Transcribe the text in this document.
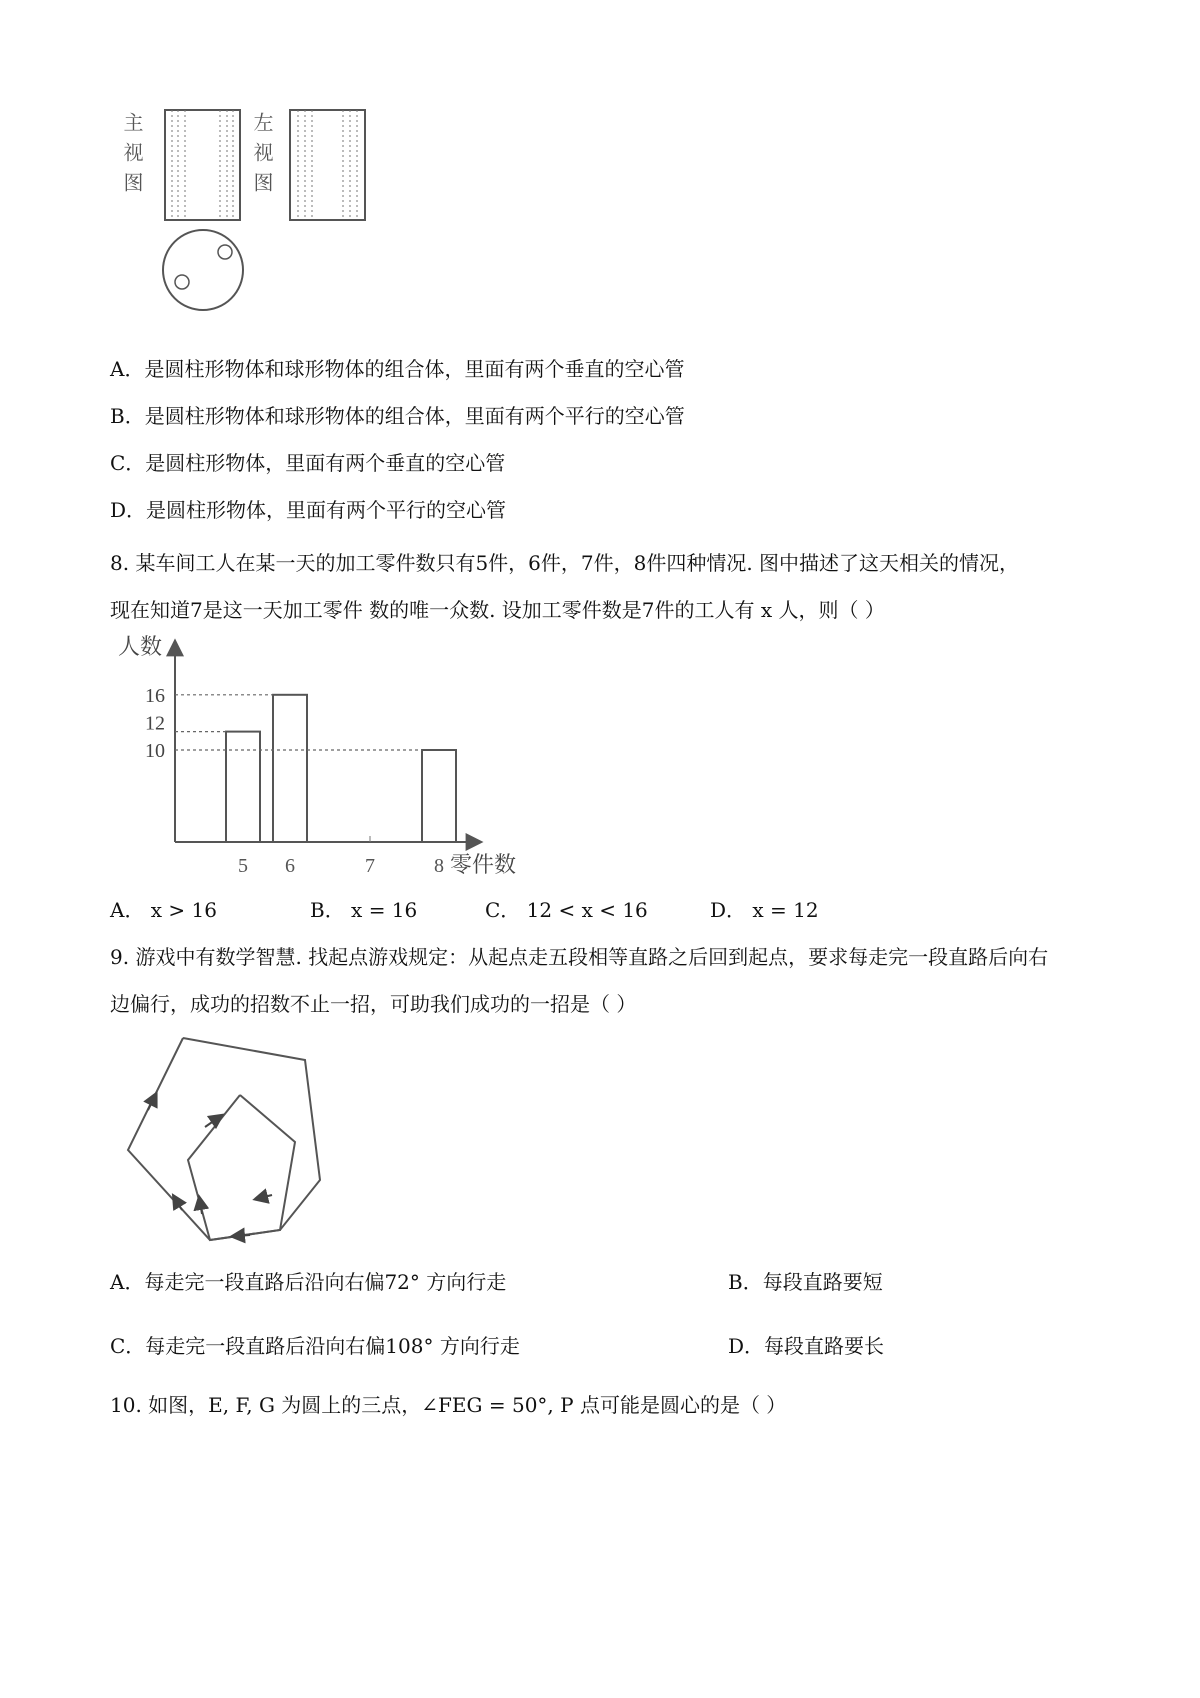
主视图	左视图
A．是圆柱形物体和球形物体的组合体，里面有两个垂直的空心管
B．是圆柱形物体和球形物体的组合体，里面有两个平行的空心管
C．是圆柱形物体，里面有两个垂直的空心管
D．是圆柱形物体，里面有两个平行的空心管
8. 某车间工人在某一天的加工零件数只有5件，6件，7件，8件四种情况. 图中描述了这天相关的情况，
现在知道7是这一天加工零件 数的唯一众数. 设加工零件数是7件的工人有 x 人，则（ ）
人数
5 6	7	8 零件数
16
12
10
A． x > 16	B． x = 16	C． 12 < x < 16	D． x = 12
9. 游戏中有数学智慧. 找起点游戏规定：从起点走五段相等直路之后回到起点，要求每走完一段直路后向右
边偏行，成功的招数不止一招，可助我们成功的一招是（ ）
A．每走完一段直路后沿向右偏72° 方向行走	B．每段直路要短
C．每走完一段直路后沿向右偏108° 方向行走	D．每段直路要长
10. 如图，E, F, G 为圆上的三点，∠FEG = 50°, P 点可能是圆心的是（ ）
